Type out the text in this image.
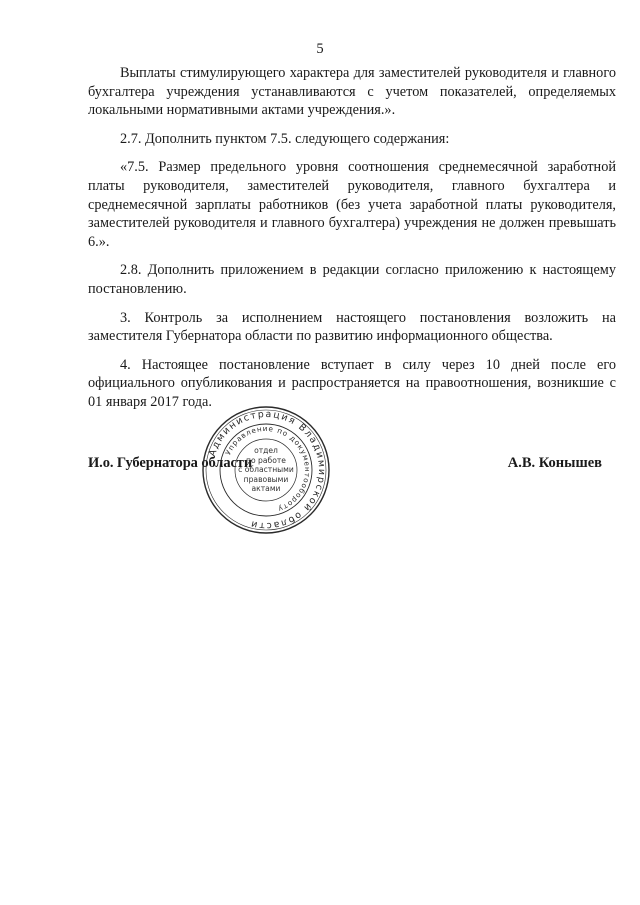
5

Выплаты стимулирующего характера для заместителей руководителя и главного бухгалтера учреждения устанавливаются с учетом показателей, определяемых локальными нормативными актами учреждения.».

2.7. Дополнить пунктом 7.5. следующего содержания:

«7.5. Размер предельного уровня соотношения среднемесячной заработной платы руководителя, заместителей руководителя, главного бухгалтера и среднемесячной зарплаты работников (без учета заработной платы руководителя, заместителей руководителя и главного бухгалтера) учреждения не должен превышать 6.».

2.8. Дополнить приложением в редакции согласно приложению к настоящему постановлению.

3. Контроль за исполнением настоящего постановления возложить на заместителя Губернатора области по развитию информационного общества.

4. Настоящее постановление вступает в силу через 10 дней после его официального опубликования и распространяется на правоотношения, возникшие с 01 января 2017 года.

И.о. Губернатора области	А.В. Конышев
Администрация Владимирской области
Управление по документообороту
отдел
по работе
с областными
правовыми
актами
